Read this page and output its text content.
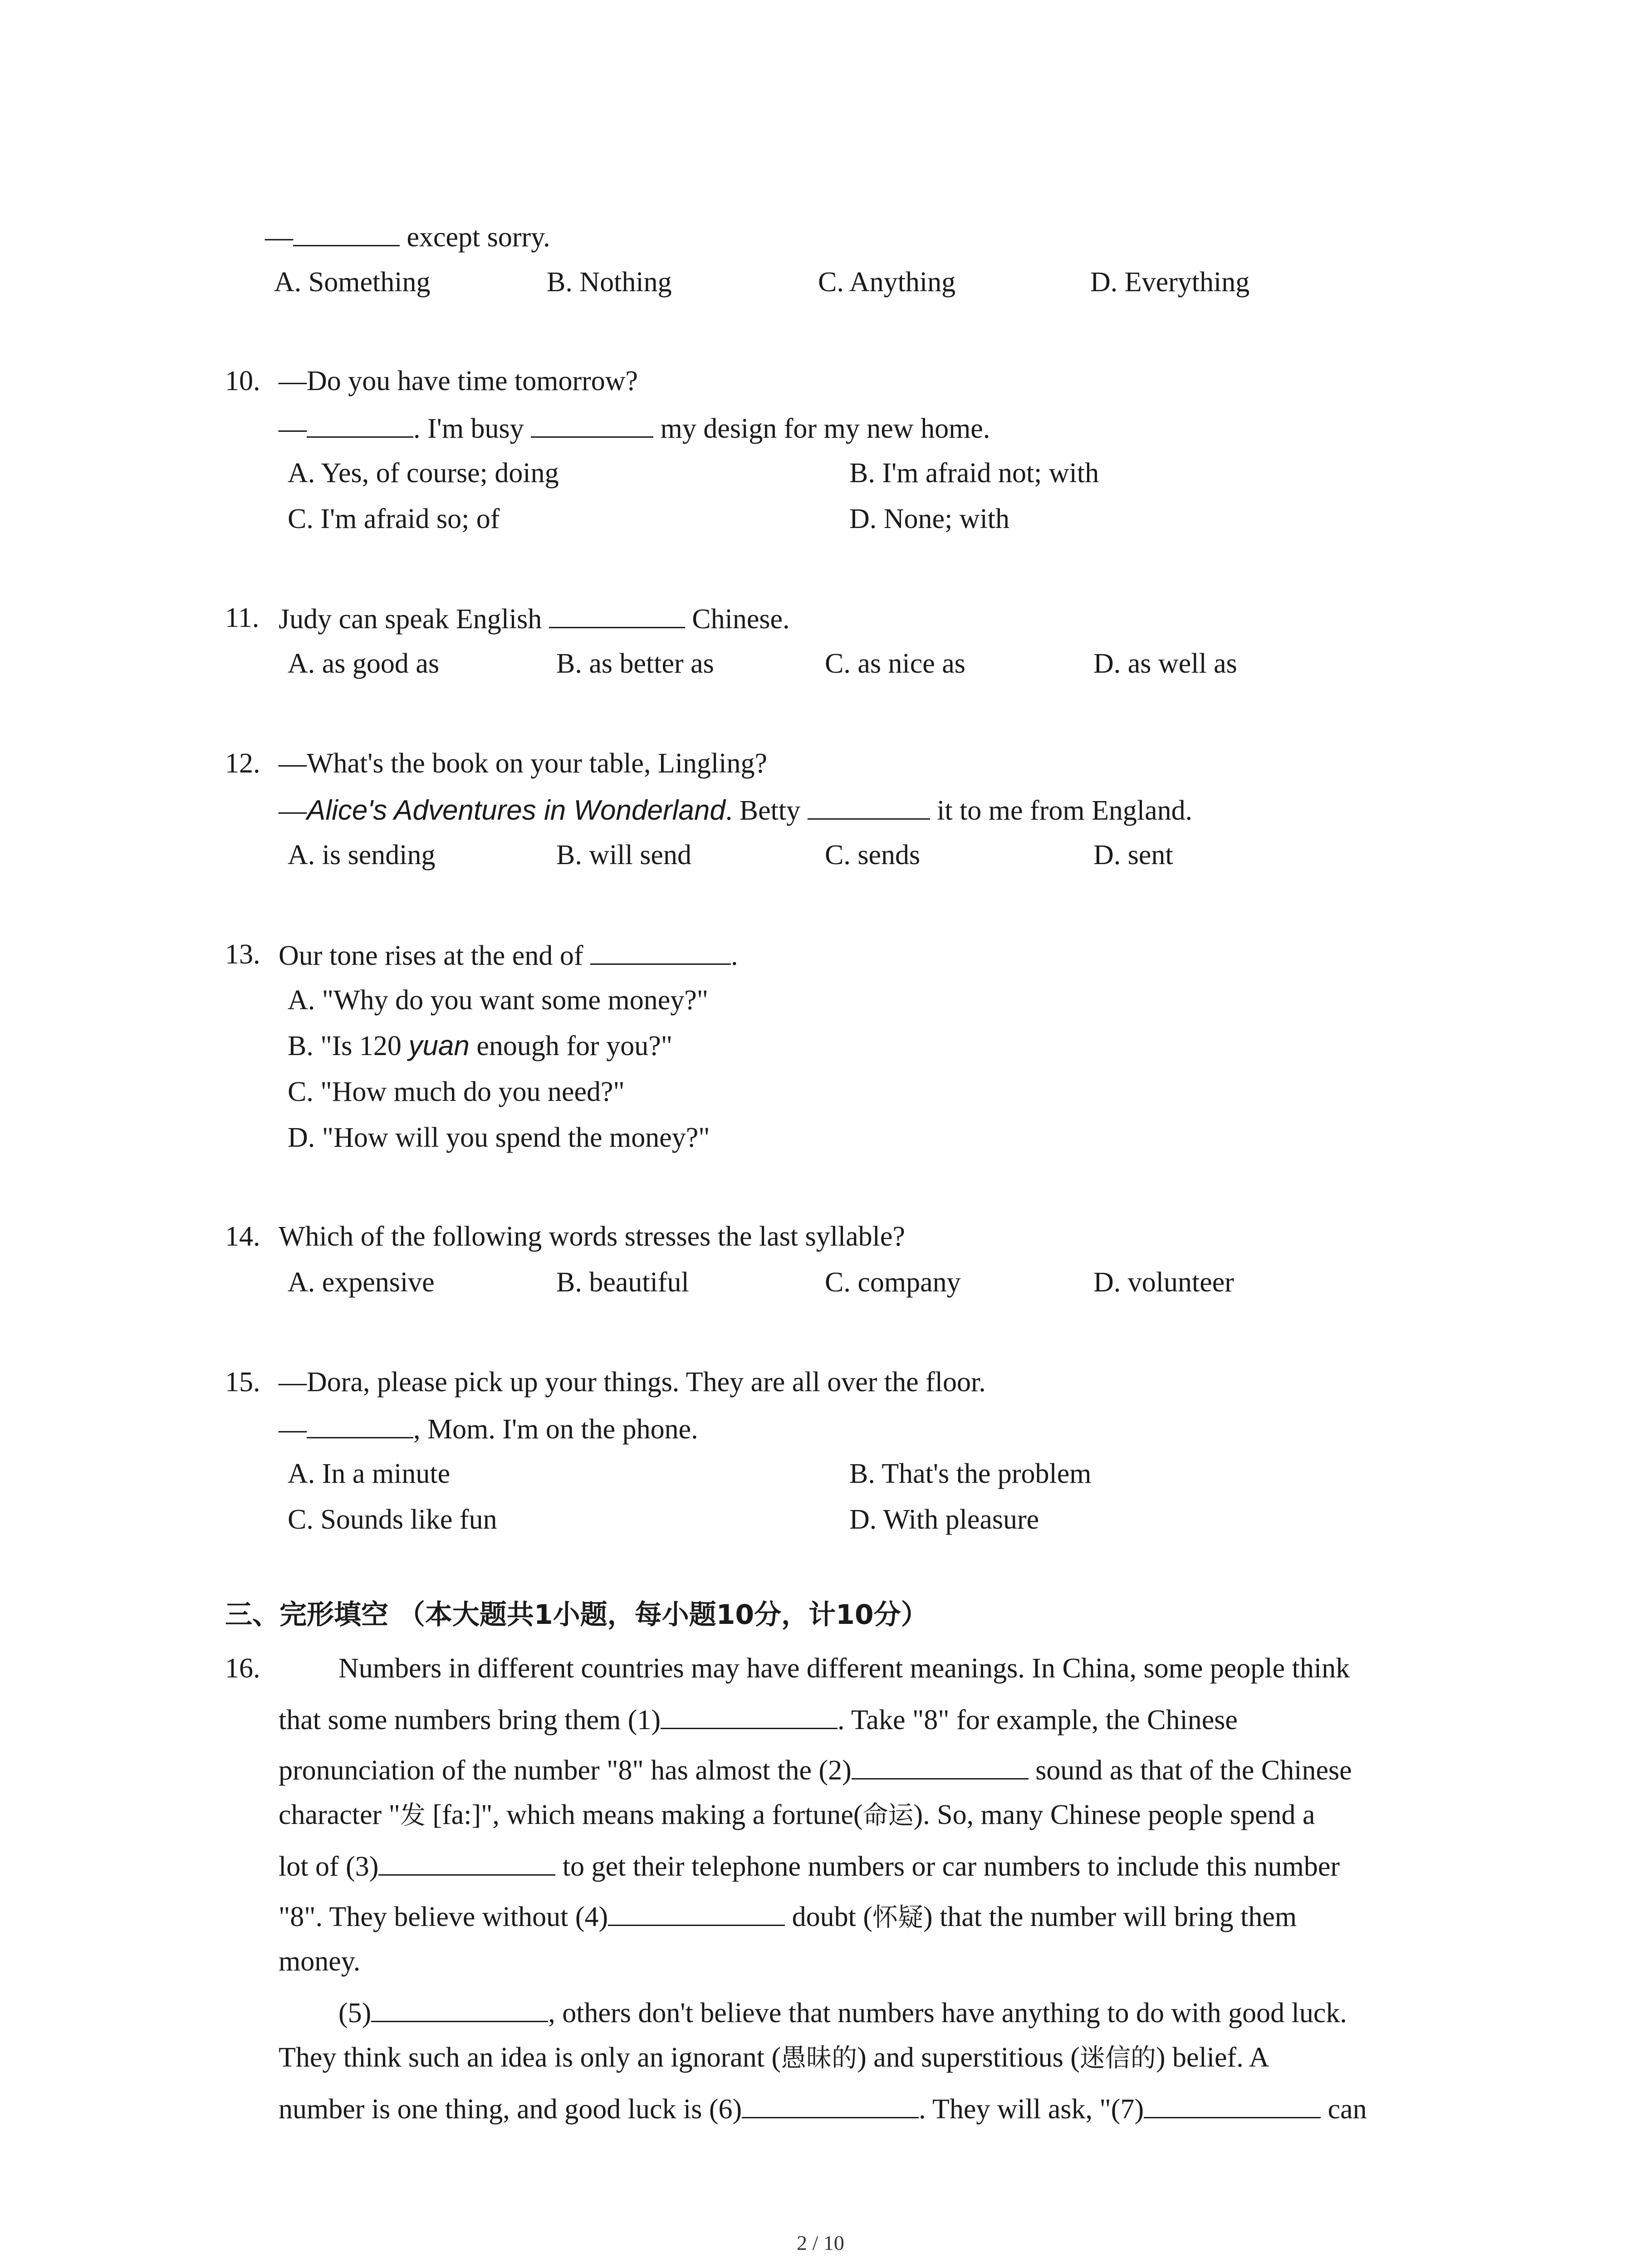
—	except sorry.
A. Something	B. Nothing	C. Anything	D. Everything
10. —Do you have time tomorrow?
—	. I'm busy	my design for my new home.
A. Yes, of course; doing	B. I'm afraid not; with
C. I'm afraid so; of	D. None; with
11. Judy can speak English	Chinese.
A. as good as	B. as better as	C. as nice as	D. as well as
12. —What's the book on your table, Lingling?
—Alice's Adventures in Wonderland. Betty	it to me from England.
A. is sending	B. will send	C. sends	D. sent
13. Our tone rises at the end of	.
A. "Why do you want some money?"
B. "Is 120 yuan enough for you?"
C. "How much do you need?"
D. "How will you spend the money?"
14. Which of the following words stresses the last syllable?
A. expensive	B. beautiful	C. company	D. volunteer
15. —Dora, please pick up your things. They are all over the floor.
—	, Mom. I'm on the phone.
A. In a minute	B. That's the problem
C. Sounds like fun	D. With pleasure
三、完形填空 （本大题共1小题，每小题10分，计10分）
16.	Numbers in different countries may have different meanings. In China, some people think
that some numbers bring them (1)	. Take "8" for example, the Chinese
pronunciation of the number "8" has almost the (2)	sound as that of the Chinese
character "发 [fa:]", which means making a fortune(命运). So, many Chinese people spend a
lot of (3)	to get their telephone numbers or car numbers to include this number
"8". They believe without (4)	doubt (怀疑) that the number will bring them
money.
(5)	, others don't believe that numbers have anything to do with good luck.
They think such an idea is only an ignorant (愚昧的) and superstitious (迷信的) belief. A
number is one thing, and good luck is (6)	. They will ask, "(7)	can
2 / 10
